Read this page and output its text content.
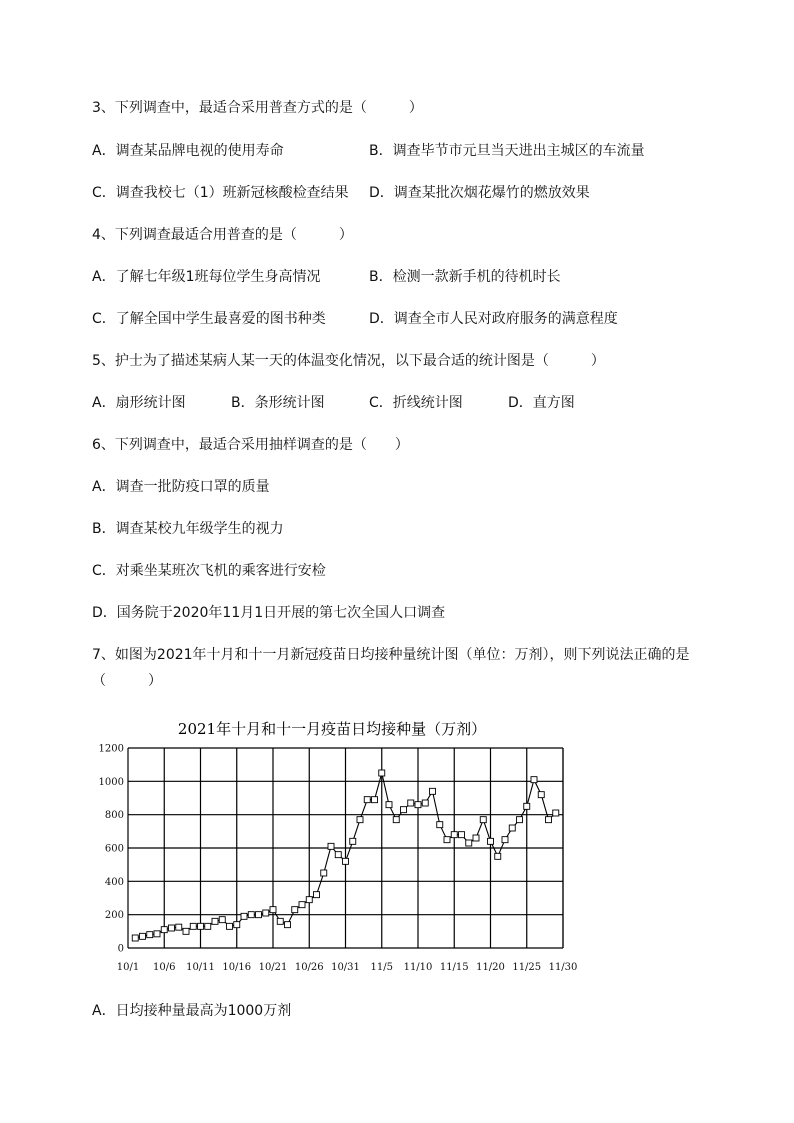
3、下列调查中，最适合采用普查方式的是（　　　）
A．调查某品牌电视的使用寿命	B．调查毕节市元旦当天进出主城区的车流量
C．调查我校七（1）班新冠核酸检查结果 D．调查某批次烟花爆竹的燃放效果
4、下列调查最适合用普查的是（　　　）
A．了解七年级1班每位学生身高情况	B．检测一款新手机的待机时长
C．了解全国中学生最喜爱的图书种类	D．调查全市人民对政府服务的满意程度
5、护士为了描述某病人某一天的体温变化情况，以下最合适的统计图是（　　　）
A．扇形统计图	B．条形统计图	C．折线统计图	D．直方图
6、下列调查中，最适合采用抽样调查的是（　　）
A．调查一批防疫口罩的质量
B．调查某校九年级学生的视力
C．对乘坐某班次飞机的乘客进行安检
D．国务院于2020年11月1日开展的第七次全国人口调查
7、如图为2021年十月和十一月新冠疫苗日均接种量统计图（单位：万剂），则下列说法正确的是
（　　　）
2021年十月和十一月疫苗日均接种量（万剂）
0
200
400
600
800
1000
1200
10/1 10/6 10/11 10/16 10/21 10/26 10/31 11/5 11/10 11/15 11/20 11/25 11/30
A．日均接种量最高为1000万剂
